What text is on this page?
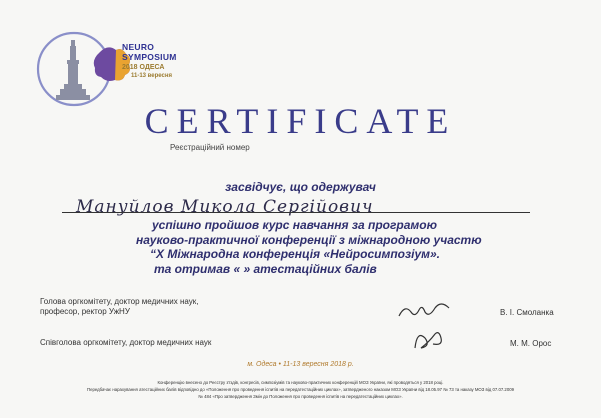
NEURO
SYMPOSIUM
2018 ОДЕСА
11-13 вересня
CERTIFICATE
Реєстраційний номер
засвідчує, що одержувач
Мануйлов Микола Сергійович
успішно пройшов курс навчання за програмою
науково-практичної конференції з міжнародною участю
“Х Міжнародна конференція «Нейросимпозіум».
та отримав « » атестаційних балів
Голова оргкомітету, доктор медичних наук,
професор, ректор УжНУ	В. І. Смоланка
Співголова оргкомітету, доктор медичних наук	М. М. Орос
м. Одеса • 11-13 вересня 2018 р.
Конференцію внесено до Реєстру з'їздів, конгресів, симпозіумів та науково-практичних конференцій МОЗ України, які проводяться у 2018 році.
Передбачає нарахування атестаційних балів відповідно до «Положення про проведення іспитів на передатестаційних циклах», затвердженого наказом МОЗ України від 18.05.97 № 73 та наказу МОЗ від 07.07.2009
№ 484 «Про затвердження Змін до Положення про проведення іспитів на передатестаційних циклах».
